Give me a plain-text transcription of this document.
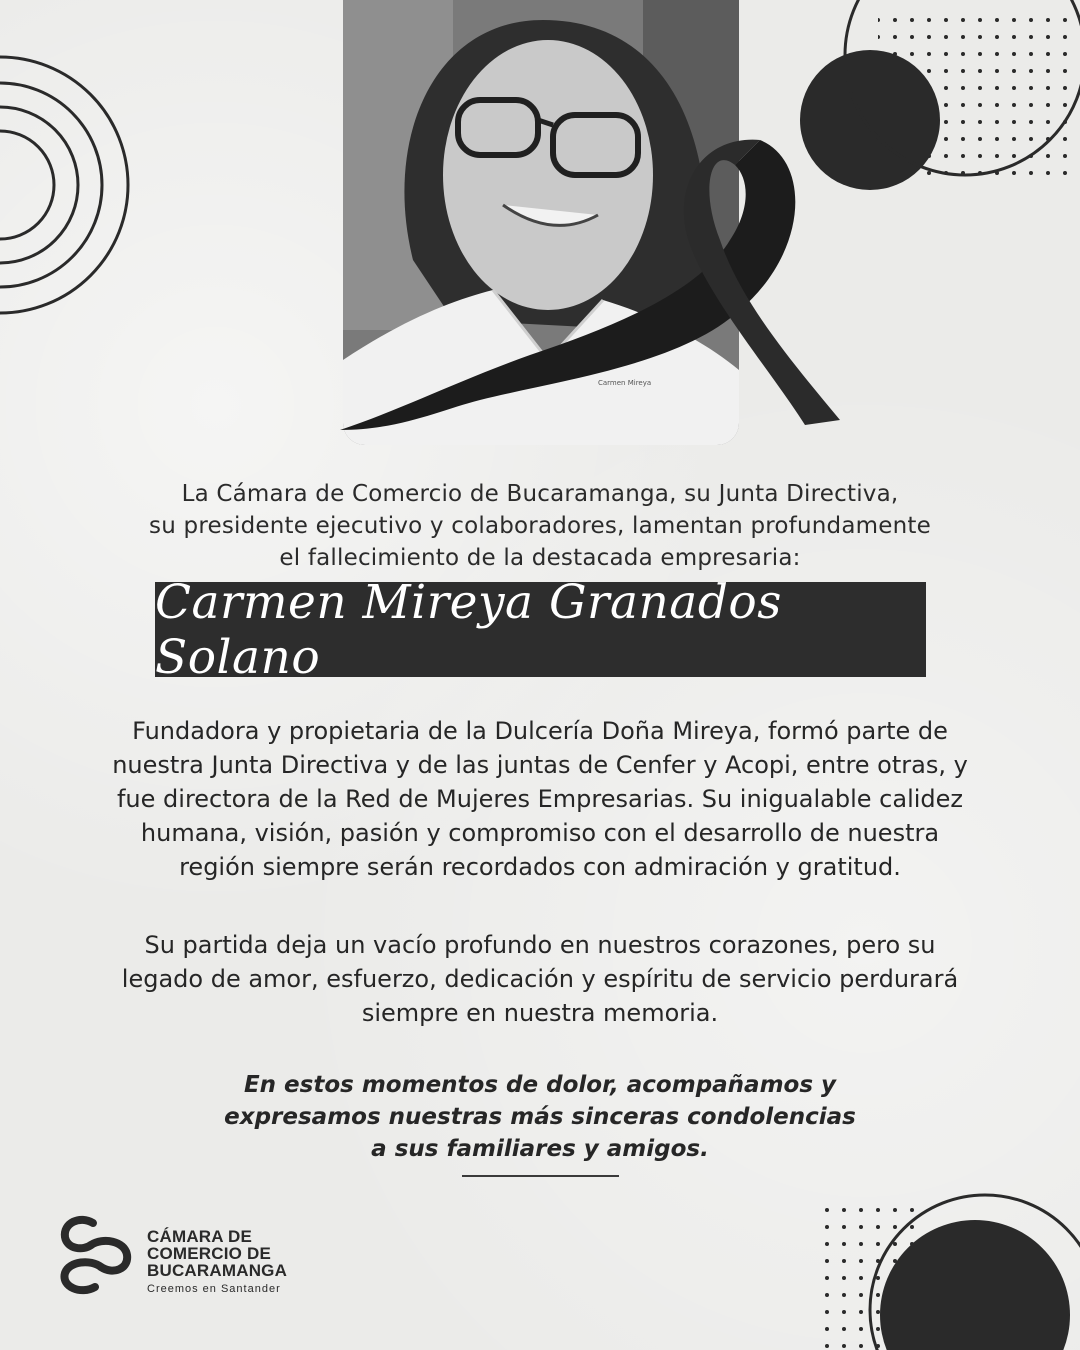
Carmen Mireya
La Cámara de Comercio de Bucaramanga, su Junta Directiva,
su presidente ejecutivo y colaboradores, lamentan profundamente
el fallecimiento de la destacada empresaria:
Carmen Mireya Granados Solano
Fundadora y propietaria de la Dulcería Doña Mireya, formó parte de
nuestra Junta Directiva y de las juntas de Cenfer y Acopi, entre otras, y
fue directora de la Red de Mujeres Empresarias. Su inigualable calidez
humana, visión, pasión y compromiso con el desarrollo de nuestra
región siempre serán recordados con admiración y gratitud.
Su partida deja un vacío profundo en nuestros corazones, pero su
legado de amor, esfuerzo, dedicación y espíritu de servicio perdurará
siempre en nuestra memoria.
En estos momentos de dolor, acompañamos y
expresamos nuestras más sinceras condolencias
a sus familiares y amigos.
CÁMARA DE
COMERCIO DE
BUCARAMANGA
Creemos en Santander
